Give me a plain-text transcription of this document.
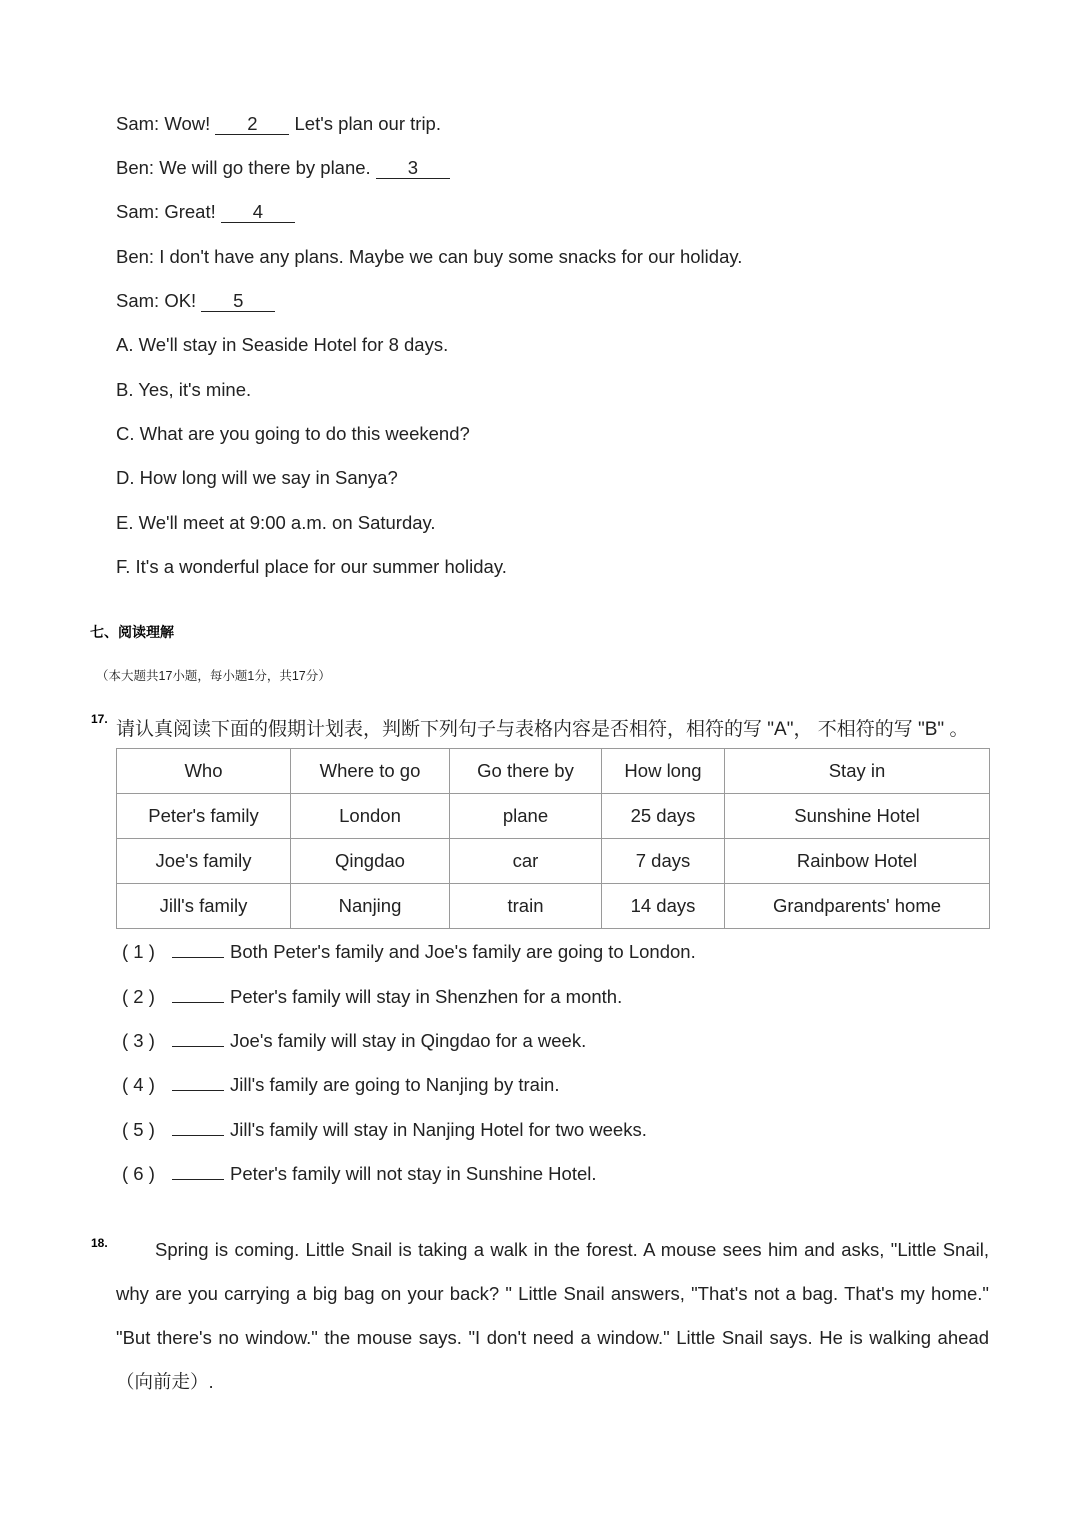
Sam: Wow! 2 Let's plan our trip.
Ben: We will go there by plane. 3
Sam: Great! 4
Ben: I don't have any plans. Maybe we can buy some snacks for our holiday.
Sam: OK! 5
A. We'll stay in Seaside Hotel for 8 days.
B. Yes, it's mine.
C. What are you going to do this weekend?
D. How long will we say in Sanya?
E. We'll meet at 9:00 a.m. on Saturday.
F. It's a wonderful place for our summer holiday.
七、阅读理解
（本大题共17小题，每小题1分，共17分）
17. 请认真阅读下面的假期计划表，判断下列句子与表格内容是否相符，相符的写 "A"， 不相符的写 "B" 。
Who	Where to go	Go there by	How long	Stay in
Peter's family	London	plane	25 days	Sunshine Hotel
Joe's family	Qingdao	car	7 days	Rainbow Hotel
Jill's family	Nanjing	train	14 days	Grandparents' home
( 1 )	Both Peter's family and Joe's family are going to London.
( 2 )	Peter's family will stay in Shenzhen for a month.
( 3 )	Joe's family will stay in Qingdao for a week.
( 4 )	Jill's family are going to Nanjing by train.
( 5 )	Jill's family will stay in Nanjing Hotel for two weeks.
( 6 )	Peter's family will not stay in Sunshine Hotel.
18.	Spring is coming. Little Snail is taking a walk in the forest. A mouse sees him and asks, "Little Snail, why are you carrying a big bag on your back? " Little Snail answers, "That's not a bag. That's my home." "But there's no window." the mouse says. "I don't need a window." Little Snail says. He is walking ahead（向前走）.
